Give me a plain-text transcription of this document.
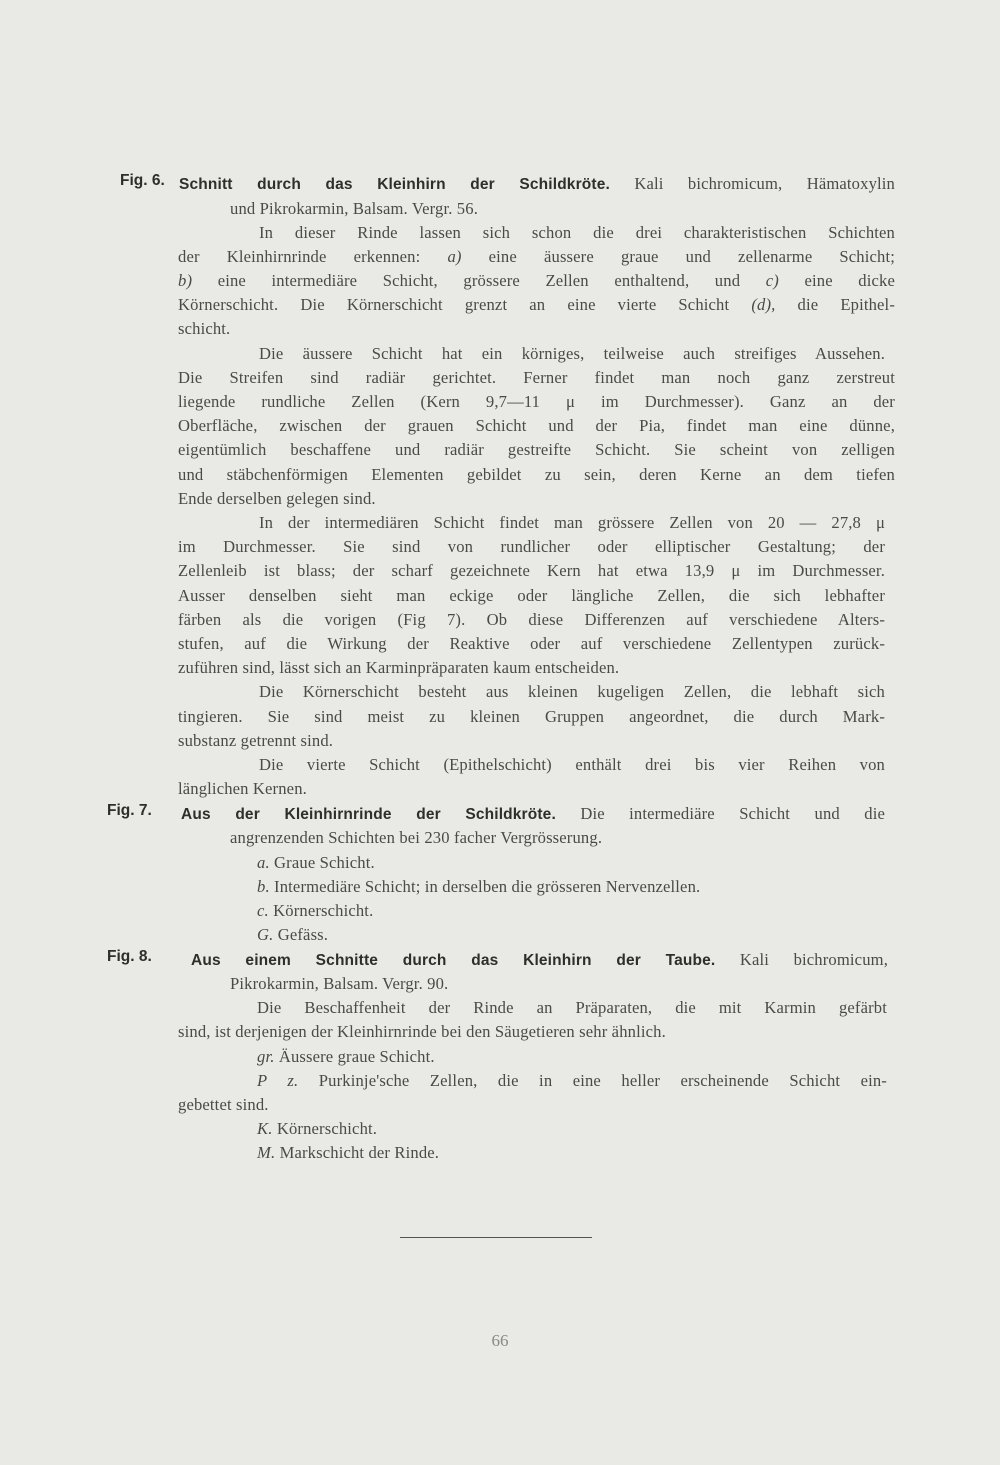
Fig. 6. Schnitt durch das Kleinhirn der Schildkröte. Kali bichromicum, Hämatoxylin
und Pikrokarmin, Balsam. Vergr. 56.
In dieser Rinde lassen sich schon die drei charakteristischen Schichten
der Kleinhirnrinde erkennen: a) eine äussere graue und zellenarme Schicht;
b) eine intermediäre Schicht, grössere Zellen enthaltend, und c) eine dicke
Körnerschicht. Die Körnerschicht grenzt an eine vierte Schicht (d), die Epithel-
schicht.
Die äussere Schicht hat ein körniges, teilweise auch streifiges Aussehen.
Die Streifen sind radiär gerichtet. Ferner findet man noch ganz zerstreut
liegende rundliche Zellen (Kern 9,7—11 μ im Durchmesser). Ganz an der
Oberfläche, zwischen der grauen Schicht und der Pia, findet man eine dünne,
eigentümlich beschaffene und radiär gestreifte Schicht. Sie scheint von zelligen
und stäbchenförmigen Elementen gebildet zu sein, deren Kerne an dem tiefen
Ende derselben gelegen sind.
In der intermediären Schicht findet man grössere Zellen von 20 — 27,8 μ
im Durchmesser. Sie sind von rundlicher oder elliptischer Gestaltung; der
Zellenleib ist blass; der scharf gezeichnete Kern hat etwa 13,9 μ im Durchmesser.
Ausser denselben sieht man eckige oder längliche Zellen, die sich lebhafter
färben als die vorigen (Fig 7). Ob diese Differenzen auf verschiedene Alters-
stufen, auf die Wirkung der Reaktive oder auf verschiedene Zellentypen zurück-
zuführen sind, lässt sich an Karminpräparaten kaum entscheiden.
Die Körnerschicht besteht aus kleinen kugeligen Zellen, die lebhaft sich
tingieren. Sie sind meist zu kleinen Gruppen angeordnet, die durch Mark-
substanz getrennt sind.
Die vierte Schicht (Epithelschicht) enthält drei bis vier Reihen von
länglichen Kernen.
Fig. 7. Aus der Kleinhirnrinde der Schildkröte. Die intermediäre Schicht und die
angrenzenden Schichten bei 230 facher Vergrösserung.
a. Graue Schicht.
b. Intermediäre Schicht; in derselben die grösseren Nervenzellen.
c. Körnerschicht.
G. Gefäss.
Fig. 8.	Aus einem Schnitte durch das Kleinhirn der Taube. Kali bichromicum,
Pikrokarmin, Balsam. Vergr. 90.
Die Beschaffenheit der Rinde an Präparaten, die mit Karmin gefärbt
sind, ist derjenigen der Kleinhirnrinde bei den Säugetieren sehr ähnlich.
gr. Äussere graue Schicht.
P z. Purkinje'sche Zellen, die in eine heller erscheinende Schicht ein-
gebettet sind.
K. Körnerschicht.
M. Markschicht der Rinde.
66
